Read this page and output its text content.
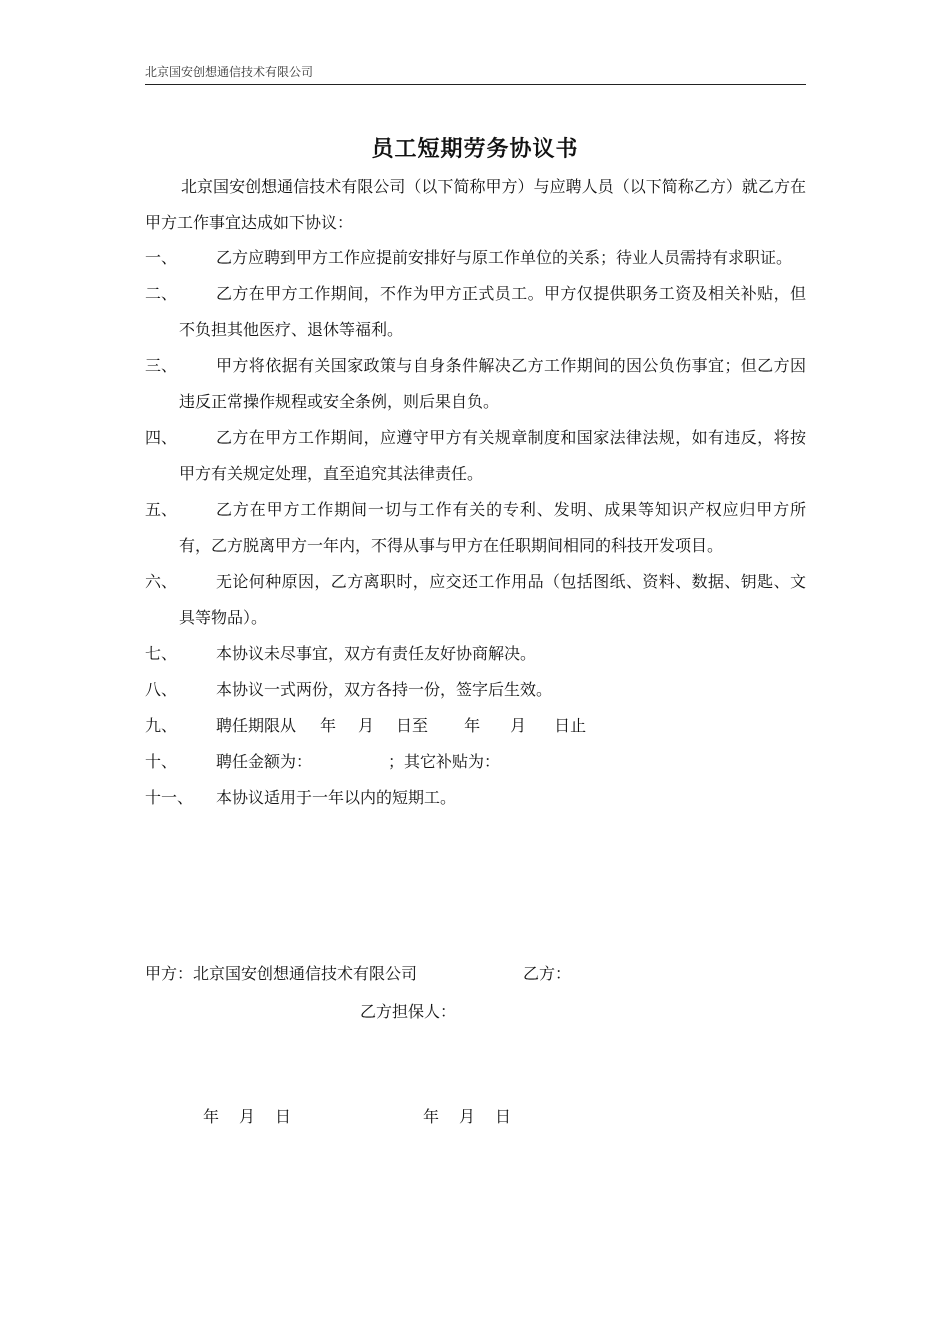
北京国安创想通信技术有限公司
员工短期劳务协议书

北京国安创想通信技术有限公司（以下简称甲方）与应聘人员（以下简称乙方）就乙方在甲方工作事宜达成如下协议：

一、	乙方应聘到甲方工作应提前安排好与原工作单位的关系；待业人员需持有求职证。
二、	乙方在甲方工作期间，不作为甲方正式员工。甲方仅提供职务工资及相关补贴，但不负担其他医疗、退休等福利。
三、	甲方将依据有关国家政策与自身条件解决乙方工作期间的因公负伤事宜；但乙方因违反正常操作规程或安全条例，则后果自负。
四、	乙方在甲方工作期间，应遵守甲方有关规章制度和国家法律法规，如有违反，将按甲方有关规定处理，直至追究其法律责任。
五、	乙方在甲方工作期间一切与工作有关的专利、发明、成果等知识产权应归甲方所有，乙方脱离甲方一年内，不得从事与甲方在任职期间相同的科技开发项目。
六、	无论何种原因，乙方离职时，应交还工作用品（包括图纸、资料、数据、钥匙、文具等物品）。
七、	本协议未尽事宜，双方有责任友好协商解决。
八、	本协议一式两份，双方各持一份，签字后生效。
九、	聘任期限从 年 月 日至 年 月 日止
十、	聘任金额为：	；其它补贴为：
十一、	本协议适用于一年以内的短期工。
甲方：北京国安创想通信技术有限公司	乙方：
乙方担保人：
年 月 日	年 月 日
